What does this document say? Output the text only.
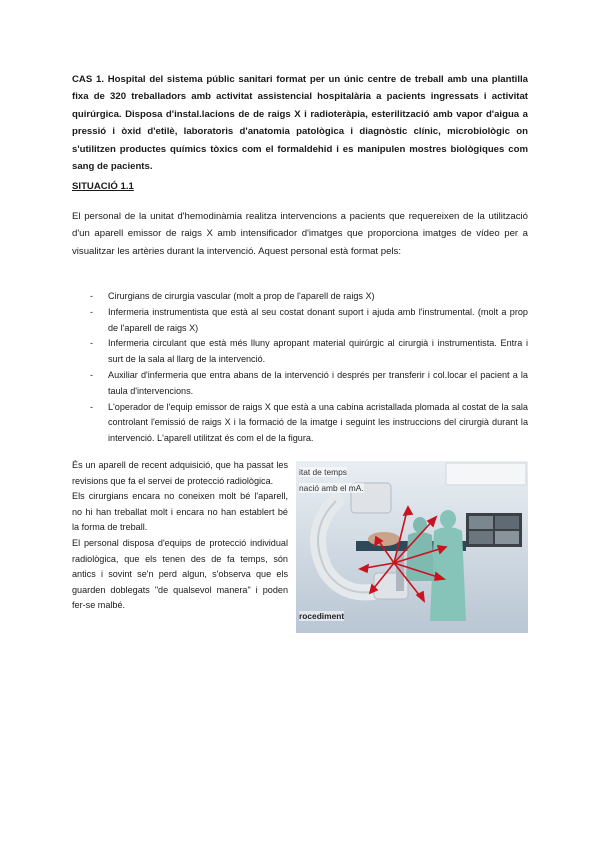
CAS 1. Hospital del sistema públic sanitari format per un únic centre de treball amb una plantilla fixa de 320 treballadors amb activitat assistencial hospitalària a pacients ingressats i activitat quirúrgica. Disposa d'instal.lacions de de raigs X i radioteràpia, esterilització amb vapor d'aigua a pressió i òxid d'etilè, laboratoris d'anatomia patològica i diagnòstic clínic, microbiològic on s'utilitzen productes químics tòxics com el formaldehid i es manipulen mostres biològiques com sang de pacients.
SITUACIÓ 1.1
El personal de la unitat d'hemodinàmia realitza intervencions a pacients que requereixen de la utilització d'un aparell emissor de raigs X amb intensificador d'imatges que proporciona imatges de vídeo per a visualitzar les artèries durant la intervenció. Aquest personal està format pels:
- Cirurgians de cirurgia vascular (molt a prop de l'aparell de raigs X)
- Infermeria instrumentista que està al seu costat donant suport i ajuda amb l'instrumental. (molt a prop de l'aparell de raigs X)
- Infermeria circulant que està més lluny apropant material quirúrgic al cirurgià i instrumentista. Entra i surt de la sala al llarg de la intervenció.
- Auxiliar d'infermeria que entra abans de la intervenció i després per transferir i col.locar el pacient a la taula d'intervencions.
- L'operador de l'equip emissor de raigs X que està a una cabina acristallada plomada al costat de la sala controlant l'emissió de raigs X i la formació de la imatge i seguint les instruccions del cirurgià durant la intervenció. L'aparell utilitzat és com el de la figura.

És un aparell de recent adquisició, que ha passat les revisions que fa el servei de protecció radiològica.

Els cirurgians encara no coneixen molt bé l'aparell, no hi han treballat molt i encara no han establert bé la forma de treball.

El personal disposa d'equips de protecció individual radiològica, que els tenen des de fa temps, són antics i sovint se'n perd algun, s'observa que els guarden doblegats "de qualsevol manera" i poden fer-se malbé.

itat de temps
nació amb el mA.
rocediment
